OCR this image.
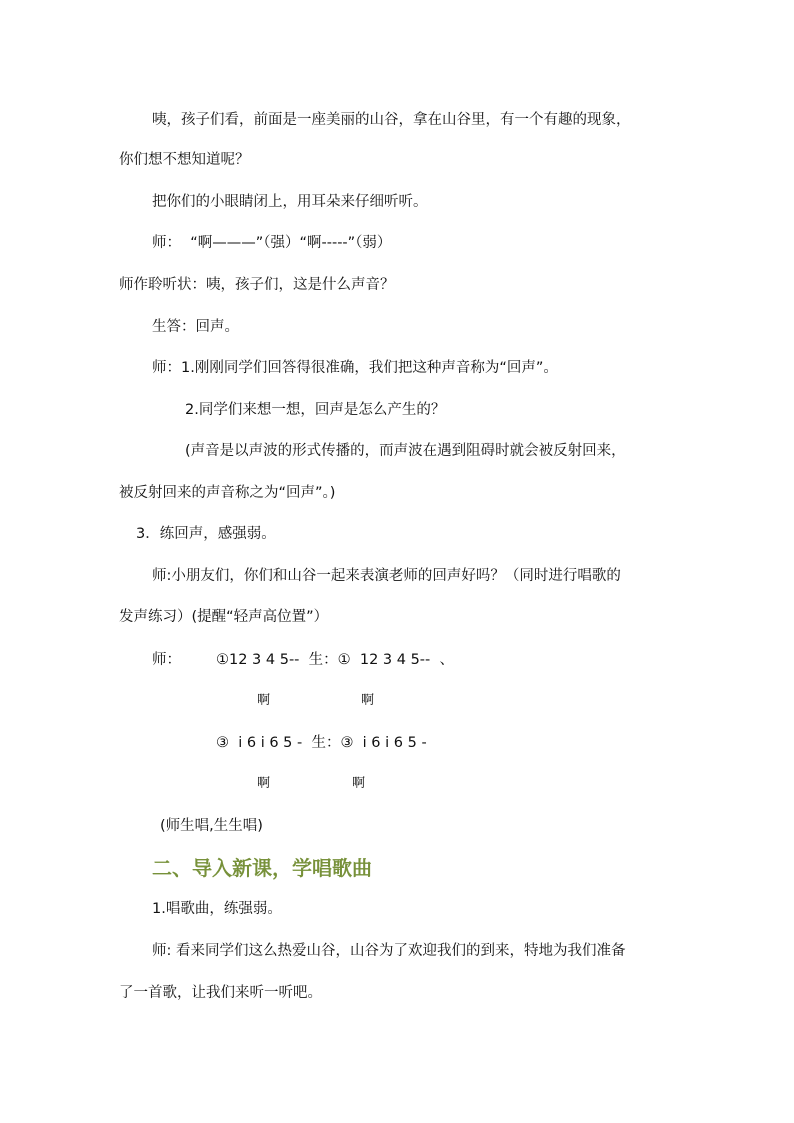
咦，孩子们看，前面是一座美丽的山谷，拿在山谷里，有一个有趣的现象，
你们想不想知道呢？
把你们的小眼睛闭上，用耳朵来仔细听听。
师：  “啊———”（强）“啊-----”（弱）
师作聆听状：咦，孩子们，这是什么声音？
生答：回声。
师：1.刚刚同学们回答得很准确，我们把这种声音称为“回声”。
2.同学们来想一想，回声是怎么产生的？
(声音是以声波的形式传播的，而声波在遇到阻碍时就会被反射回来，
被反射回来的声音称之为“回声”。)
3．练回声，感强弱。
师:小朋友们，你们和山谷一起来表演老师的回声好吗？（同时进行唱歌的
发声练习）(提醒“轻声高位置”）
师： ①12 3 4 5--  生：①  12 3 4 5--  、
啊	啊
③  i 6 i 6 5 -  生：③  i 6 i 6 5 -
啊	啊
(师生唱,生生唱)
二、导入新课，学唱歌曲
1.唱歌曲，练强弱。
师: 看来同学们这么热爱山谷，山谷为了欢迎我们的到来，特地为我们准备
了一首歌，让我们来听一听吧。
